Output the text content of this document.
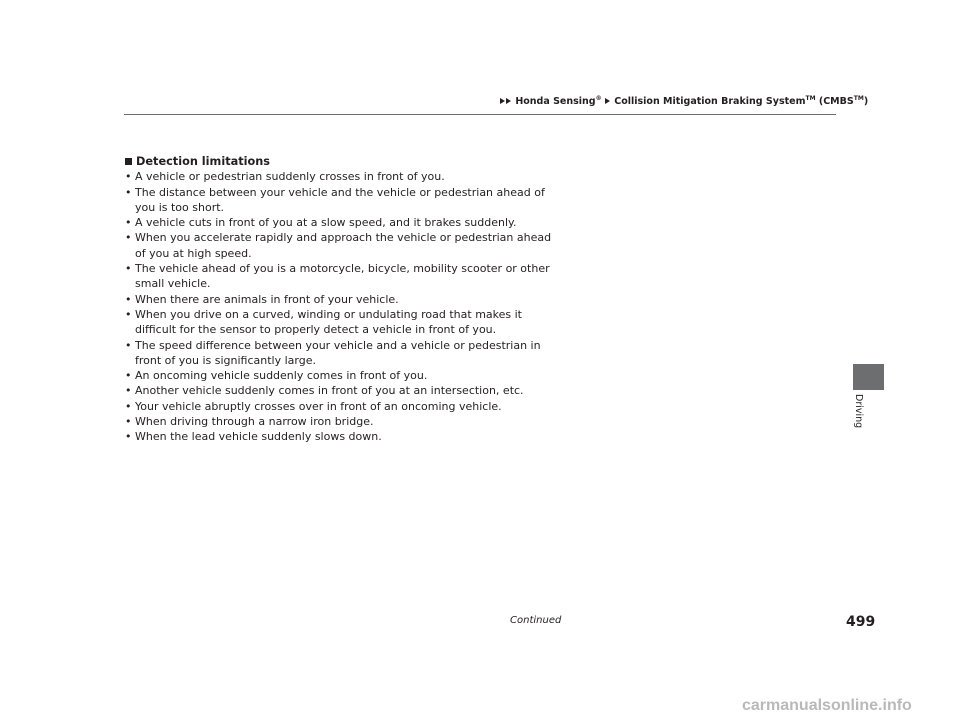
Honda Sensing® Collision Mitigation Braking System™ (CMBS™)
Detection limitations
• A vehicle or pedestrian suddenly crosses in front of you.
• The distance between your vehicle and the vehicle or pedestrian ahead of you is too short.
• A vehicle cuts in front of you at a slow speed, and it brakes suddenly.
• When you accelerate rapidly and approach the vehicle or pedestrian ahead of you at high speed.
• The vehicle ahead of you is a motorcycle, bicycle, mobility scooter or other small vehicle.
• When there are animals in front of your vehicle.
• When you drive on a curved, winding or undulating road that makes it difficult for the sensor to properly detect a vehicle in front of you.
• The speed difference between your vehicle and a vehicle or pedestrian in front of you is significantly large.
• An oncoming vehicle suddenly comes in front of you.
• Another vehicle suddenly comes in front of you at an intersection, etc.
• Your vehicle abruptly crosses over in front of an oncoming vehicle.
• When driving through a narrow iron bridge.
• When the lead vehicle suddenly slows down.
Driving
Continued	499
carmanualsonline.info
